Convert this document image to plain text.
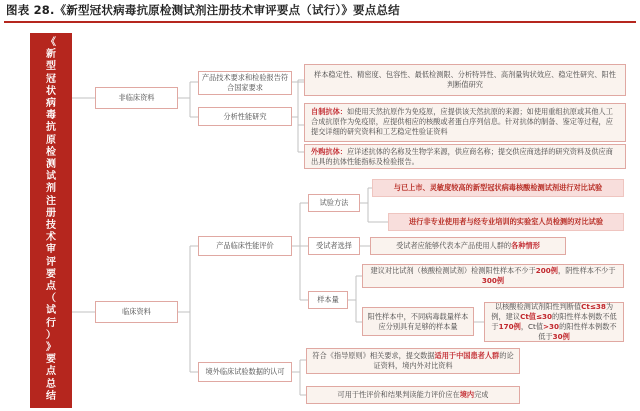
图表 28.《新型冠状病毒抗原检测试剂注册技术审评要点（试行）》要点总结
《
新
型
冠
状
病
毒
抗
原
检
测
试
剂
注
册
技
术
审
评
要
点
（
试
行
）
》
要
点
总
结
非临床资料
产品技术要求和检验报告符合国家要求
分析性能研究
样本稳定性、精密度、包容性、最低检测限、分析特异性、高剂量钩状效应、稳定性研究、阳性判断值研究
自制抗体：如使用天然抗原作为免疫原，应提供该天然抗原的来源；如使用重组抗原或其他人工合成抗原作为免疫原，应提供相应的核酸或者蛋白序列信息。针对抗体的制备、鉴定等过程，应提交详细的研究资料和工艺稳定性验证资料
外购抗体：应详述抗体的名称及生物学来源，供应商名称；提交供应商选择的研究资料及供应商出具的抗体性能指标及检验报告。
临床资料
产品临床性能评价
试验方法
与已上市、灵敏度较高的新型冠状病毒核酸检测试剂进行对比试验
进行非专业使用者与经专业培训的实验室人员检测的对比试验
受试者选择	受试者应能够代表本产品使用人群的各种情形
样本量
建议对比试剂（核酸检测试剂）检测阳性样本不少于200例，阴性样本不少于300例
阳性样本中，不同病毒载量样本应分别具有足够的样本量
以核酸检测试剂阳性判断值Ct≤38为例，建议Ct值≤30的阳性样本例数不低于170例，Ct值>30的阳性样本例数不低于30例
境外临床试验数据的认可
符合《指导原则》相关要求，提交数据适用于中国患者人群的论证资料，境内外对比资料
可用于性评价和结果判读能力评价应在境内完成
